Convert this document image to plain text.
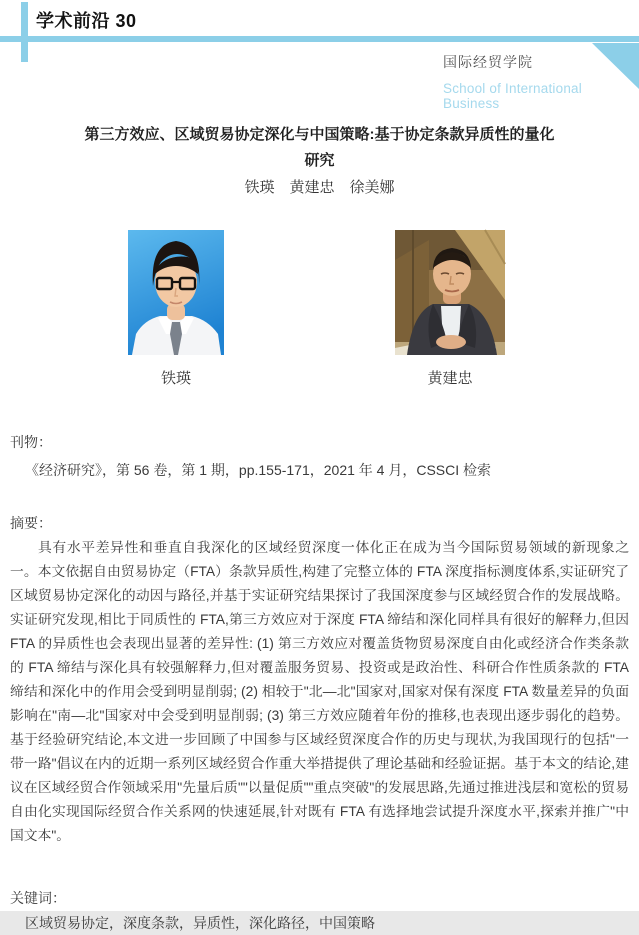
学术前沿 30
国际经贸学院
School of International Business
第三方效应、区域贸易协定深化与中国策略:基于协定条款异质性的量化研究
铁瑛　黄建忠　徐美娜
铁瑛	黄建忠
刊物：
《经济研究》，第 56 卷，第 1 期，pp.155-171，2021 年 4 月，CSSCI 检索
摘要：

具有水平差异性和垂直自我深化的区域经贸深度一体化正在成为当今国际贸易领域的新现象之一。本文依据自由贸易协定（FTA）条款异质性,构建了完整立体的 FTA 深度指标测度体系,实证研究了区域贸易协定深化的动因与路径,并基于实证研究结果探讨了我国深度参与区域经贸合作的发展战略。实证研究发现,相比于同质性的 FTA,第三方效应对于深度 FTA 缔结和深化同样具有很好的解释力,但因 FTA 的异质性也会表现出显著的差异性: (1) 第三方效应对覆盖货物贸易深度自由化或经济合作类条款的 FTA 缔结与深化具有较强解释力,但对覆盖服务贸易、投资或是政治性、科研合作性质条款的 FTA 缔结和深化中的作用会受到明显削弱; (2) 相较于"北—北"国家对,国家对保有深度 FTA 数量差异的负面影响在"南—北"国家对中会受到明显削弱; (3) 第三方效应随着年份的推移,也表现出逐步弱化的趋势。基于经验研究结论,本文进一步回顾了中国参与区域经贸深度合作的历史与现状,为我国现行的包括"一带一路"倡议在内的近期一系列区域经贸合作重大举措提供了理论基础和经验证据。基于本文的结论,建议在区域经贸合作领域采用"先量后质""以量促质""重点突破"的发展思路,先通过推进浅层和宽松的贸易自由化实现国际经贸合作关系网的快速延展,针对既有 FTA 有选择地尝试提升深度水平,探索并推广"中国文本"。

关键词：
区域贸易协定，深度条款，异质性，深化路径，中国策略
